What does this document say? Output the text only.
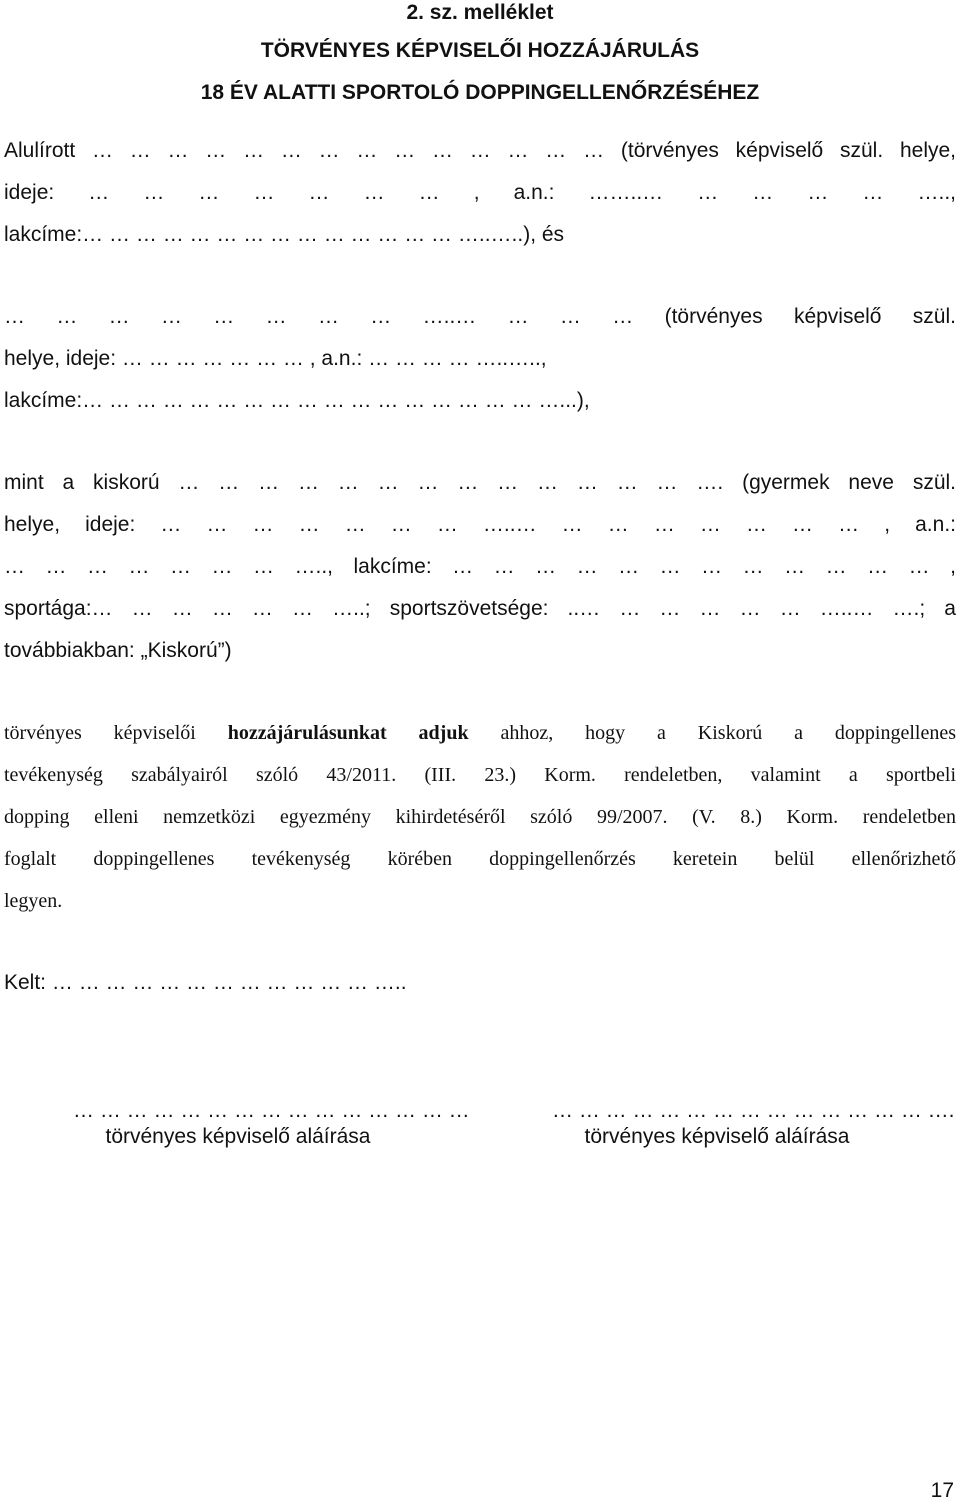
2. sz. melléklet
TÖRVÉNYES KÉPVISELŐI HOZZÁJÁRULÁS
18 ÉV ALATTI SPORTOLÓ DOPPINGELLENŐRZÉSÉHEZ
Alulírott … … … … … … … … … … … … … … (törvényes képviselő szül. helye,
ideje: … … … … … … … , a.n.: ……..… … … … … …..,
lakcíme:… … … … … … … … … … … … … … …..…..), és
… … … … … … … … …..… … … … (törvényes képviselő szül.
helye, ideje: … … … … … … … , a.n.: … … … … …..…..,
lakcíme:… … … … … … … … … … … … … … … … … …...),
mint a kiskorú … … … … … … … … … … … … … …. (gyermek neve szül.
helye, ideje: … … … … … … … …..… … … … … … … … , a.n.:
… … … … … … … ….., lakcíme: … … … … … … … … … … … … ,
sportága:… … … … … … …..; sportszövetsége: ..… … … … … … …..… ….; a
továbbiakban: „Kiskorú”)
törvényes képviselői hozzájárulásunkat adjuk ahhoz, hogy a Kiskorú a doppingellenes
tevékenység szabályairól szóló 43/2011. (III. 23.) Korm. rendeletben, valamint a sportbeli
dopping elleni nemzetközi egyezmény kihirdetéséről szóló 99/2007. (V. 8.) Korm. rendeletben
foglalt doppingellenes tevékenység körében doppingellenőrzés keretein belül ellenőrizhető
legyen.
Kelt: … … … … … … … … … … … … …..
… … … … … … … … … … … … … … …
törvényes képviselő aláírása
… … … … … … … … … … … … … … ….
törvényes képviselő aláírása
17
